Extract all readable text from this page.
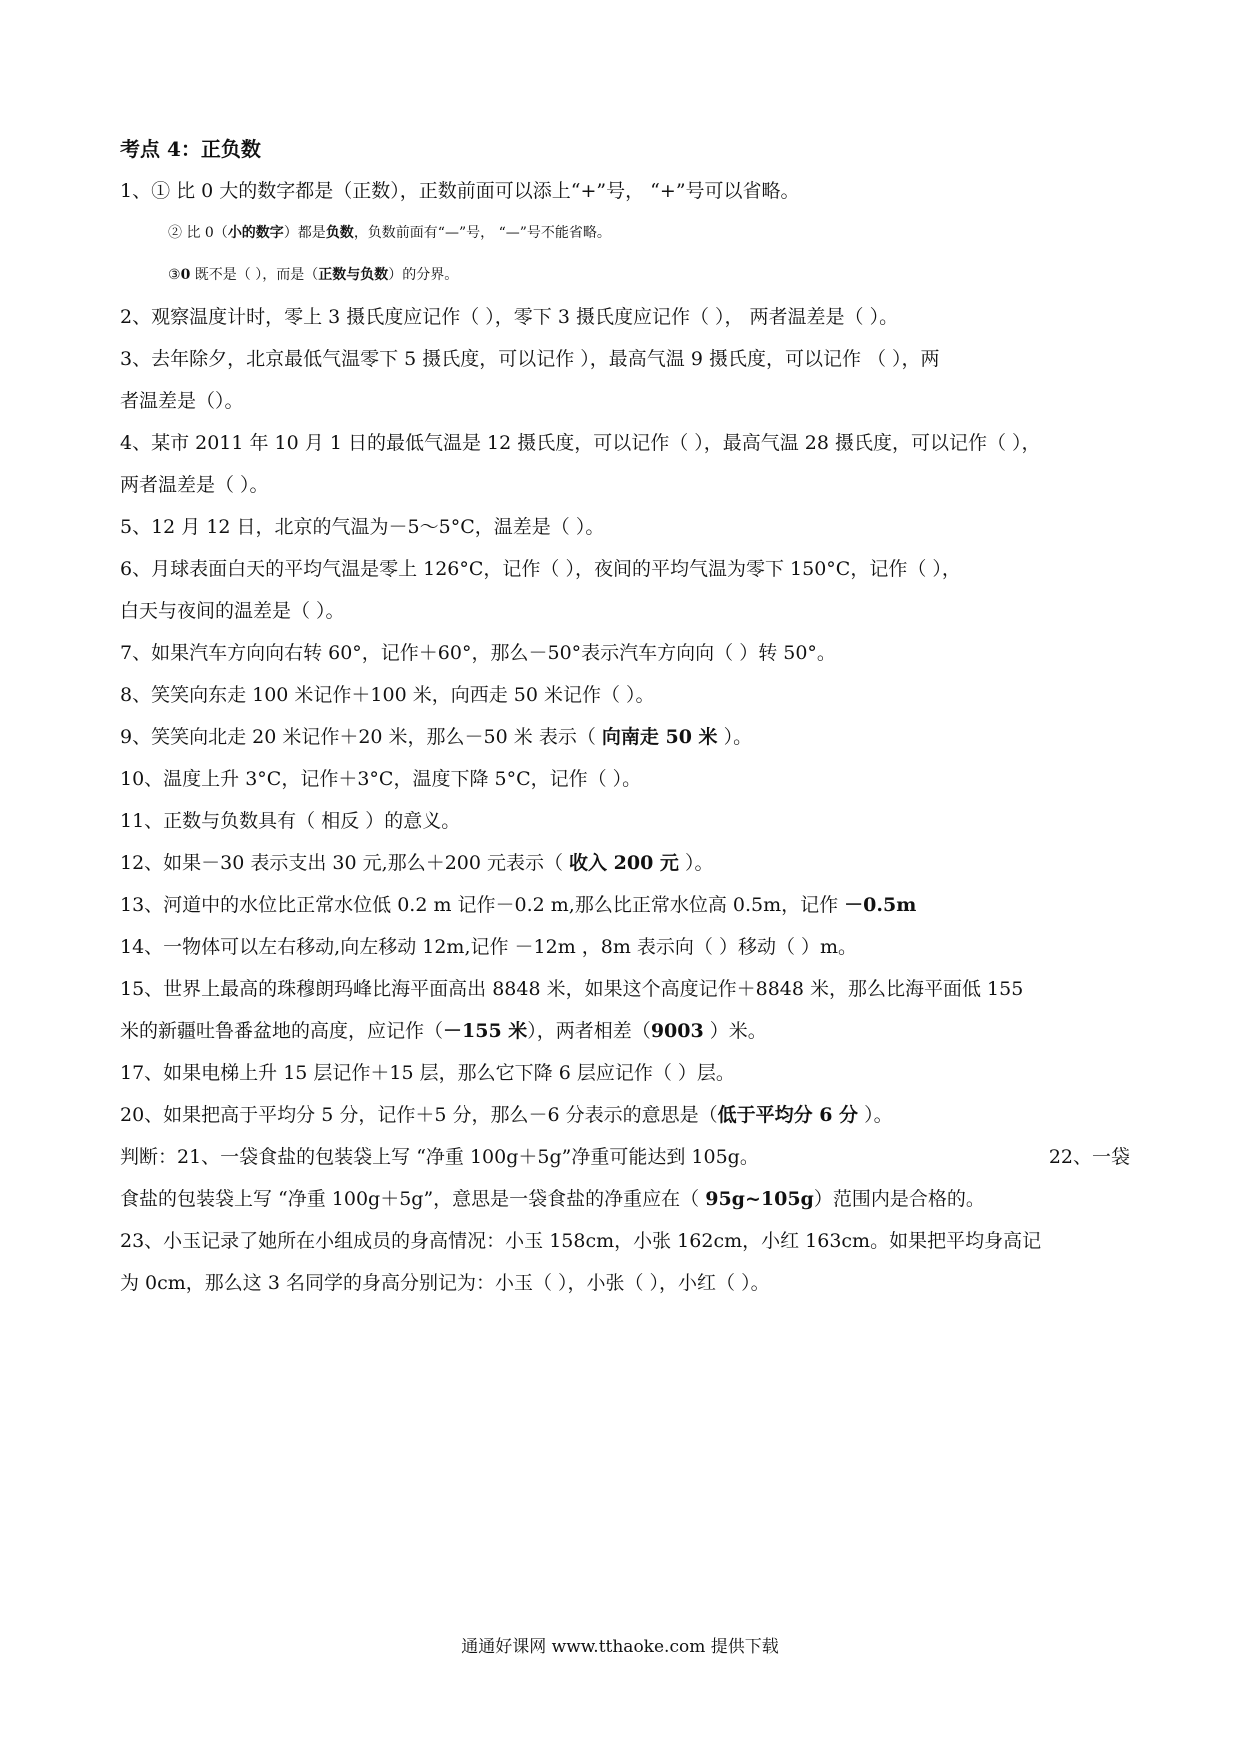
考点 4：正负数
1、① 比 0 大的数字都是（正数），正数前面可以添上“+”号， “+”号可以省略。
② 比 0（小的数字）都是负数，负数前面有“—”号， “—”号不能省略。
③0 既不是（ ），而是（正数与负数）的分界。
2、观察温度计时，零上 3 摄氏度应记作（ ），零下 3 摄氏度应记作（ ）， 两者温差是（ ）。
3、去年除夕，北京最低气温零下 5 摄氏度，可以记作 ），最高气温 9 摄氏度，可以记作 （ ），两
者温差是（）。
4、某市 2011 年 10 月 1 日的最低气温是 12 摄氏度，可以记作（ ），最高气温 28 摄氏度，可以记作（ ），
两者温差是（ ）。
5、12 月 12 日，北京的气温为－5～5°C，温差是（ ）。
6、月球表面白天的平均气温是零上 126°C，记作（ ），夜间的平均气温为零下 150°C，记作（ ），
白天与夜间的温差是（ ）。
7、如果汽车方向向右转 60°，记作＋60°，那么－50°表示汽车方向向（ ）转 50°。
8、笑笑向东走 100 米记作＋100 米，向西走 50 米记作（ ）。
9、笑笑向北走 20 米记作＋20 米，那么－50 米 表示（ 向南走 50 米 ）。
10、温度上升 3°C，记作＋3°C，温度下降 5°C，记作（ ）。
11、正数与负数具有（ 相反 ）的意义。
12、如果－30 表示支出 30 元,那么＋200 元表示（ 收入 200 元 ）。
13、河道中的水位比正常水位低 0.2 m 记作－0.2 m,那么比正常水位高 0.5m，记作 －0.5m
14、一物体可以左右移动,向左移动 12m,记作 －12m ，8m 表示向（ ）移动（ ）m。
15、世界上最高的珠穆朗玛峰比海平面高出 8848 米，如果这个高度记作＋8848 米，那么比海平面低 155
米的新疆吐鲁番盆地的高度，应记作（－155 米），两者相差（9003 ）米。
17、如果电梯上升 15 层记作＋15 层，那么它下降 6 层应记作（ ）层。
20、如果把高于平均分 5 分，记作＋5 分，那么－6 分表示的意思是（低于平均分 6 分 ）。
判断：21、一袋食盐的包装袋上写 “净重 100g＋5g”净重可能达到 105g。	22、一袋
食盐的包装袋上写 “净重 100g＋5g”，意思是一袋食盐的净重应在（ 95g~105g）范围内是合格的。
23、小玉记录了她所在小组成员的身高情况：小玉 158cm，小张 162cm，小红 163cm。如果把平均身高记
为 0cm，那么这 3 名同学的身高分别记为：小玉（ ），小张（ ），小红（ ）。
通通好课网 www.tthaoke.com 提供下载
